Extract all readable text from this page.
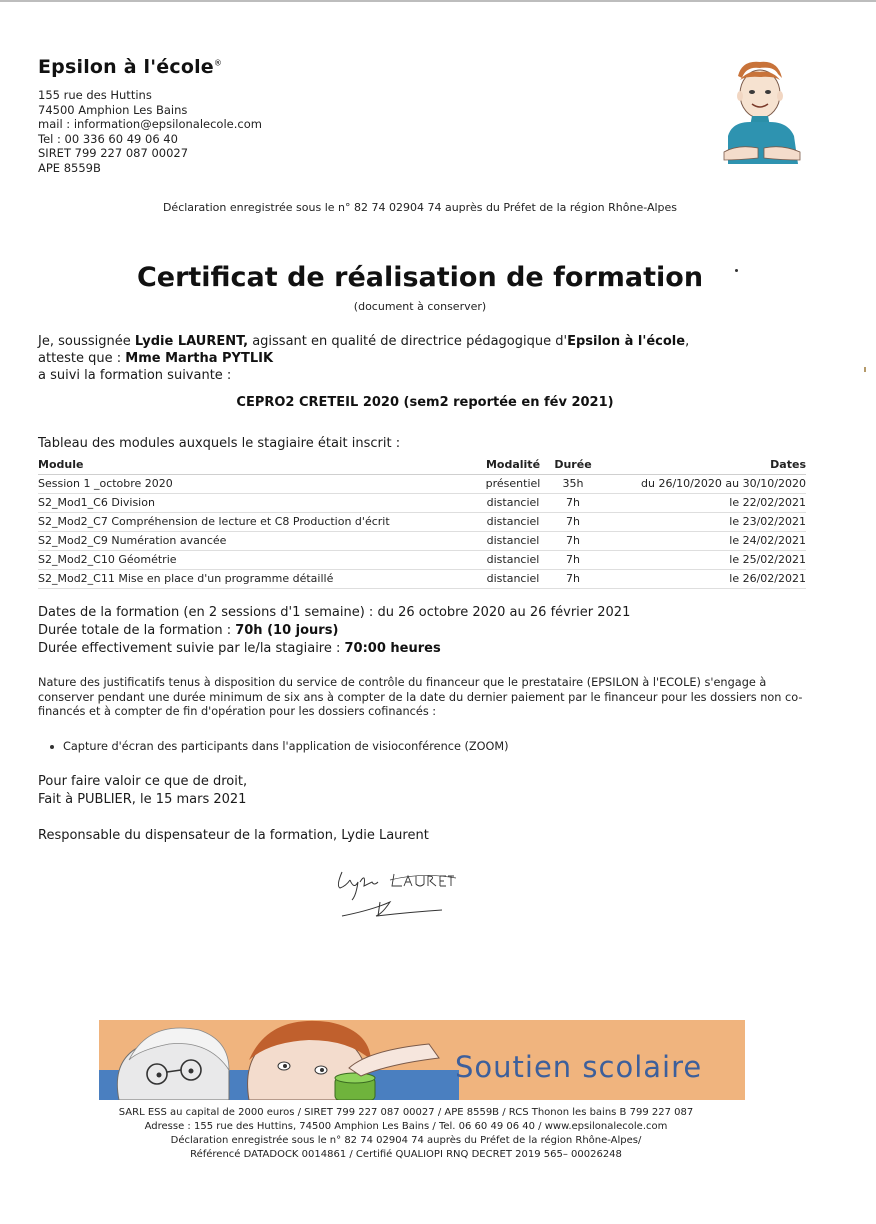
Epsilon à l'école®
155 rue des Huttins
74500 Amphion Les Bains
mail : information@epsilonalecole.com
Tel : 00 336 60 49 06 40
SIRET 799 227 087 00027
APE 8559B
Déclaration enregistrée sous le n° 82 74 02904 74 auprès du Préfet de la région Rhône-Alpes
Certificat de réalisation de formation
(document à conserver)
Je, soussignée Lydie LAURENT, agissant en qualité de directrice pédagogique d'Epsilon à l'école,
atteste que : Mme Martha PYTLIK
a suivi la formation suivante :
CEPRO2 CRETEIL 2020 (sem2 reportée en fév 2021)
Tableau des modules auxquels le stagiaire était inscrit :
Module	Modalité	Durée	Dates
Session 1 _octobre 2020	présentiel	35h	du 26/10/2020 au 30/10/2020
S2_Mod1_C6 Division	distanciel	7h	le 22/02/2021
S2_Mod2_C7 Compréhension de lecture et C8 Production d'écrit	distanciel	7h	le 23/02/2021
S2_Mod2_C9 Numération avancée	distanciel	7h	le 24/02/2021
S2_Mod2_C10 Géométrie	distanciel	7h	le 25/02/2021
S2_Mod2_C11 Mise en place d'un programme détaillé	distanciel	7h	le 26/02/2021
Dates de la formation (en 2 sessions d'1 semaine) : du 26 octobre 2020 au 26 février 2021
Durée totale de la formation : 70h (10 jours)
Durée effectivement suivie par le/la stagiaire : 70:00 heures
Nature des justificatifs tenus à disposition du service de contrôle du financeur que le prestataire (EPSILON à l'ECOLE) s'engage à conserver pendant une durée minimum de six ans à compter de la date du dernier paiement par le financeur pour les dossiers non co-financés et à compter de fin d'opération pour les dossiers cofinancés :
Capture d'écran des participants dans l'application de visioconférence (ZOOM)
Pour faire valoir ce que de droit,
Fait à PUBLIER, le 15 mars 2021
Responsable du dispensateur de la formation, Lydie Laurent
Soutien scolaire
SARL ESS au capital de 2000 euros / SIRET 799 227 087 00027 / APE 8559B / RCS Thonon les bains B 799 227 087
Adresse : 155 rue des Huttins, 74500 Amphion Les Bains / Tel. 06 60 49 06 40 / www.epsilonalecole.com
Déclaration enregistrée sous le n° 82 74 02904 74 auprès du Préfet de la région Rhône-Alpes/
Référencé DATADOCK 0014861 / Certifié QUALIOPI RNQ DECRET 2019 565– 00026248
